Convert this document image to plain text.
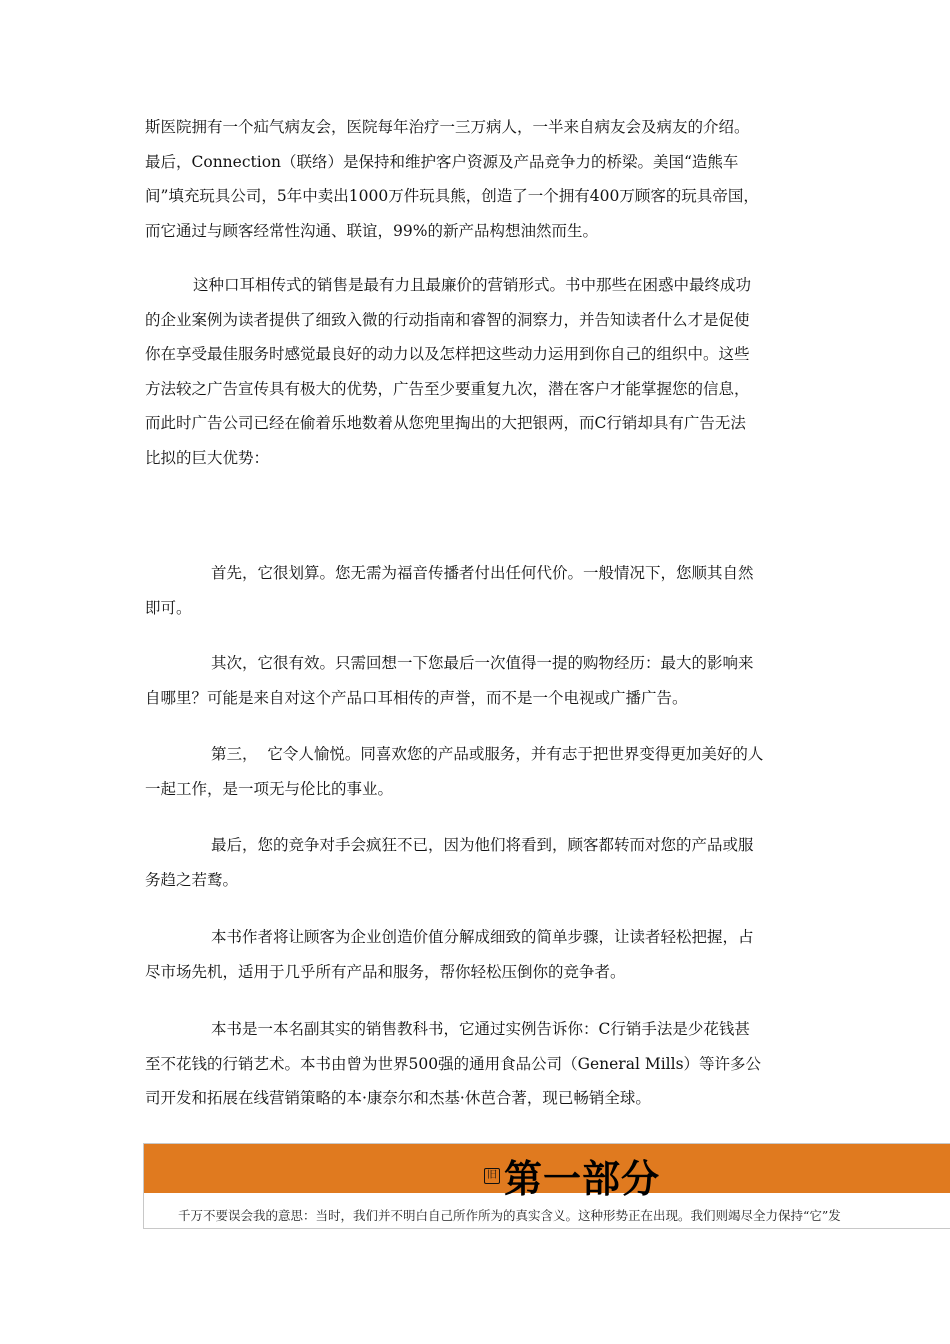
斯医院拥有一个疝气病友会，医院每年治疗一三万病人，一半来自病友会及病友的介绍。
最后，Connection（联络）是保持和维护客户资源及产品竞争力的桥梁。美国“造熊车
间”填充玩具公司，5年中卖出1000万件玩具熊，创造了一个拥有400万顾客的玩具帝国，
而它通过与顾客经常性沟通、联谊，99%的新产品构想油然而生。
这种口耳相传式的销售是最有力且最廉价的营销形式。书中那些在困惑中最终成功
的企业案例为读者提供了细致入微的行动指南和睿智的洞察力，并告知读者什么才是促使
你在享受最佳服务时感觉最良好的动力以及怎样把这些动力运用到你自己的组织中。这些
方法较之广告宣传具有极大的优势，广告至少要重复九次，潜在客户才能掌握您的信息，
而此时广告公司已经在偷着乐地数着从您兜里掏出的大把银两，而C行销却具有广告无法
比拟的巨大优势：
首先，它很划算。您无需为福音传播者付出任何代价。一般情况下，您顺其自然
即可。
其次，它很有效。只需回想一下您最后一次值得一提的购物经历：最大的影响来
自哪里？可能是来自对这个产品口耳相传的声誉，而不是一个电视或广播广告。
第三，  它令人愉悦。同喜欢您的产品或服务，并有志于把世界变得更加美好的人
一起工作，是一项无与伦比的事业。
最后，您的竞争对手会疯狂不已，因为他们将看到，顾客都转而对您的产品或服
务趋之若鹜。
本书作者将让顾客为企业创造价值分解成细致的简单步骤，让读者轻松把握，占
尽市场先机，适用于几乎所有产品和服务，帮你轻松压倒你的竞争者。
本书是一本名副其实的销售教科书，它通过实例告诉你：C行销手法是少花钱甚
至不花钱的行销艺术。本书由曾为世界500强的通用食品公司（General Mills）等许多公
司开发和拓展在线营销策略的本·康奈尔和杰基·休芭合著，现已畅销全球。
旧 第一部分
千万不要误会我的意思：当时，我们并不明白自己所作所为的真实含义。这种形势正在出现。我们则竭尽全力保持“它”发
